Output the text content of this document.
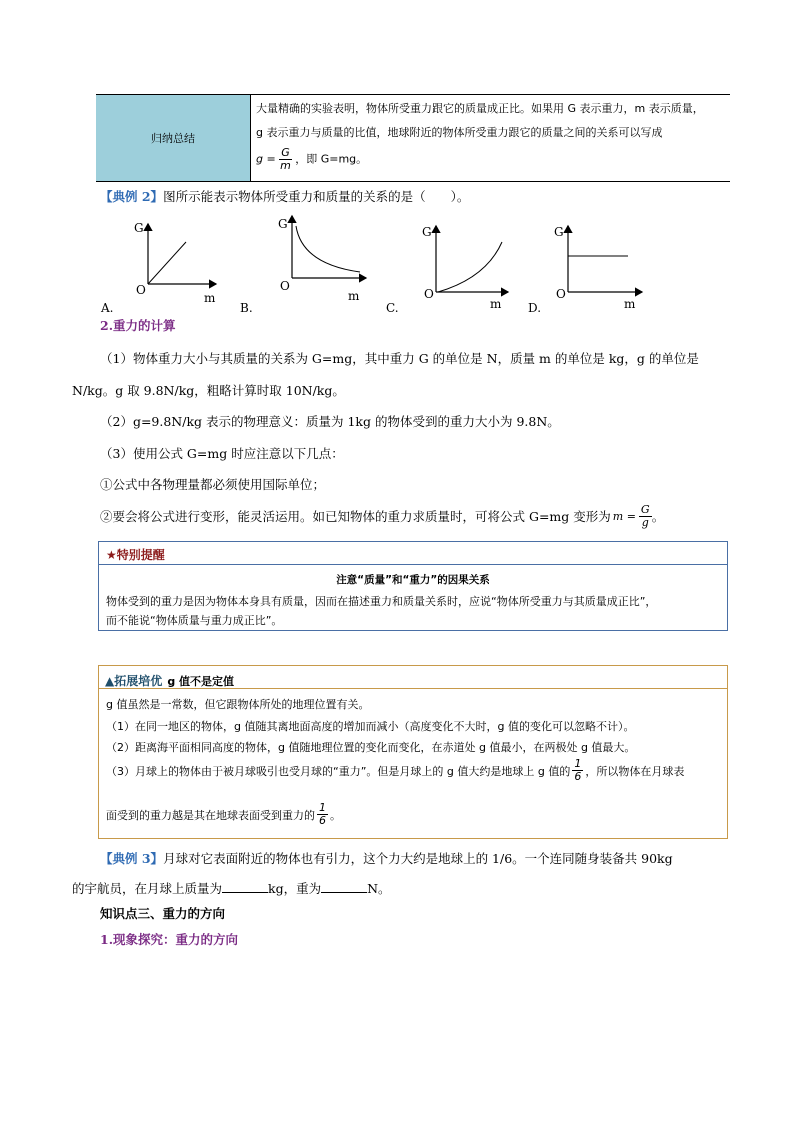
归纳总结
大量精确的实验表明，物体所受重力跟它的质量成正比。如果用 G 表示重力，m 表示质量，
g 表示重力与质量的比值，地球附近的物体所受重力跟它的质量之间的关系可以写成
$g = \frac{G}{m}$ ，即 G=mg。
【典例 2】图所示能表示物体所受重力和质量的关系的是（　　）。
G
O
m
A.
G
O
m
B.
G
O
m
C.
G
O
m
D.
2.重力的计算
（1）物体重力大小与其质量的关系为 G=mg，其中重力 G 的单位是 N，质量 m 的单位是 kg，g 的单位是
N/kg。g 取 9.8N/kg，粗略计算时取 10N/kg。
（2）g=9.8N/kg 表示的物理意义：质量为 1kg 的物体受到的重力大小为 9.8N。
（3）使用公式 G=mg 时应注意以下几点：
①公式中各物理量都必须使用国际单位；
②要会将公式进行变形，能灵活运用。如已知物体的重力求质量时，可将公式 G=mg 变形为 $m = \frac{G}{g}$ 。
★特别提醒
注意“质量”和“重力”的因果关系
物体受到的重力是因为物体本身具有质量，因而在描述重力和质量关系时，应说“物体所受重力与其质量成正比”，
而不能说“物体质量与重力成正比”。
▲拓展培优 g 值不是定值
g 值虽然是一常数，但它跟物体所处的地理位置有关。
（1）在同一地区的物体，g 值随其离地面高度的增加而减小（高度变化不大时，g 值的变化可以忽略不计）。
（2）距离海平面相同高度的物体，g 值随地理位置的变化而变化，在赤道处 g 值最小，在两极处 g 值最大。
（3）月球上的物体由于被月球吸引也受月球的“重力”。但是月球上的 g 值大约是地球上 g 值的 $\frac{1}{6}$ ，所以物体在月球表
面受到的重力越是其在地球表面受到重力的 $\frac{1}{6}$ 。
【典例 3】月球对它表面附近的物体也有引力，这个力大约是地球上的 1/6。一个连同随身装备共 90kg
的宇航员，在月球上质量为	kg，重为	N。
知识点三、重力的方向
1.现象探究：重力的方向
